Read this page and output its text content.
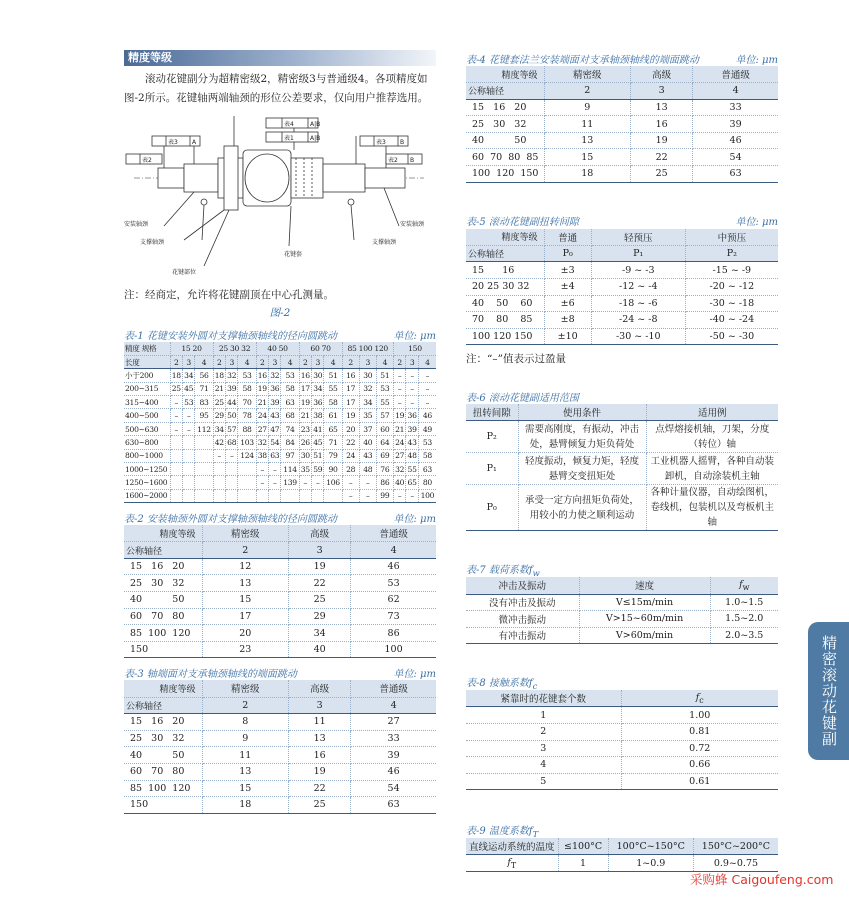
精度等级

滚动花键副分为超精密级2，精密级3与普通级4。各项精度如图-2所示。花键轴两端轴颈的形位公差要求，仅向用户推荐选用。

表4	A|B
表1	A|B
表3 A	表3 B
表2	B
表2
安装轴颈
支撑轴颈
花键部位
花键套
支撑轴颈
安装轴颈

注：经商定，允许将花键副顶在中心孔测量。

图-2

表-1 花键安装外圆对支撑轴颈轴线的径向圆跳动	单位: μm
精度 规格	15 20			25 30 32			40 50			60 70			85 100 120			150		
长度	2	3	4	2	3	4	2	3	4	2	3	4	2	3	4	2	3	4
小于200	18	34	56	18	32	53	16	32	53	16	30	51	16	30	51	–	–	–
200~315	25	45	71	21	39	58	19	36	58	17	34	55	17	32	53	–	–	–
315~400	–	53	83	25	44	70	21	39	63	19	36	58	17	34	55	–	–	–
400~500	–	–	95	29	50	78	24	43	68	21	38	61	19	35	57	19	36	46
500~630	–	–	112	34	57	88	27	47	74	23	41	65	20	37	60	21	39	49
630~800				42	68	103	32	54	84	26	45	71	22	40	64	24	43	53
800~1000				–	–	124	38	63	97	30	51	79	24	43	69	27	48	58
1000~1250							–	–	114	35	59	90	28	48	76	32	55	63
1250~1600							–	–	139	–	–	106	–	–	86	40	65	80
1600~2000													–	–	99	–	–	100
表-2 安装轴颈外圆对支撑轴颈轴线的径向圆跳动	单位: μm
精度等级	精密级	高级	普通级
公称轴径	2	3	4
15   16   20	12	19	46
25   30   32	13	22	53
40          50	15	25	62
60   70   80	17	29	73
85  100  120	20	34	86
150	23	40	100
表-3 轴端面对支承轴颈轴线的端面跳动	单位: μm
精度等级	精密级	高级	普通级
公称轴径	2	3	4
15   16   20	8	11	27
25   30   32	9	13	33
40          50	11	16	39
60   70   80	13	19	46
85  100  120	15	22	54
150	18	25	63
表-4 花键套法兰安装端面对支承轴颈轴线的端面跳动	单位: μm
精度等级	精密级	高级	普通级
公称轴径	2	3	4
15   16   20	9	13	33
25   30   32	11	16	39
40          50	13	19	46
60  70  80  85	15	22	54
100  120  150	18	25	63
表-5 滚动花键副扭转间隙	单位: μm
精度等级	普通	轻预压	中预压
公称轴径	P₀	P₁	P₂
15      16	±3	-9 ~ -3	-15 ~ -9
20 25 30 32	±4	-12 ~ -4	-20 ~ -12
40    50    60	±6	-18 ~ -6	-30 ~ -18
70    80    85	±8	-24 ~ -8	-40 ~ -24
100 120 150	±10	-30 ~ -10	-50 ~ -30

注：“–”值表示过盈量

表-6 滚动花键副适用范围
扭转间隙	使用条件	适用例
P₂	需要高刚度，有振动，冲击处，悬臂倾复力矩负荷处	点焊熔接机轴，刀架，分度（转位）轴
P₁	轻度振动，倾复力矩，轻度悬臂交变扭矩处	工业机器人摇臂，各种自动装卸机，自动涂装机主轴
P₀	承受一定方向扭矩负荷处，用较小的力使之顺利运动	各种计量仪器，自动绘图机，卷线机，包装机以及弯板机主轴
表-7 载荷系数$f_w$
冲击及振动	速度	$f_w$
没有冲击及振动	V≤15m/min	1.0~1.5
微冲击振动	V>15~60m/min	1.5~2.0
有冲击振动	V>60m/min	2.0~3.5
表-8 接触系数$f_c$
紧靠时的花键套个数	$f_c$
1	1.00
2	0.81
3	0.72
4	0.66
5	0.61
表-9 温度系数$f_T$
直线运动系统的温度	≤100°C	100°C~150°C	150°C~200°C
$f_T$	1	1~0.9	0.9~0.75
精密滚动花键副
采购蜂 Caigoufeng.com
